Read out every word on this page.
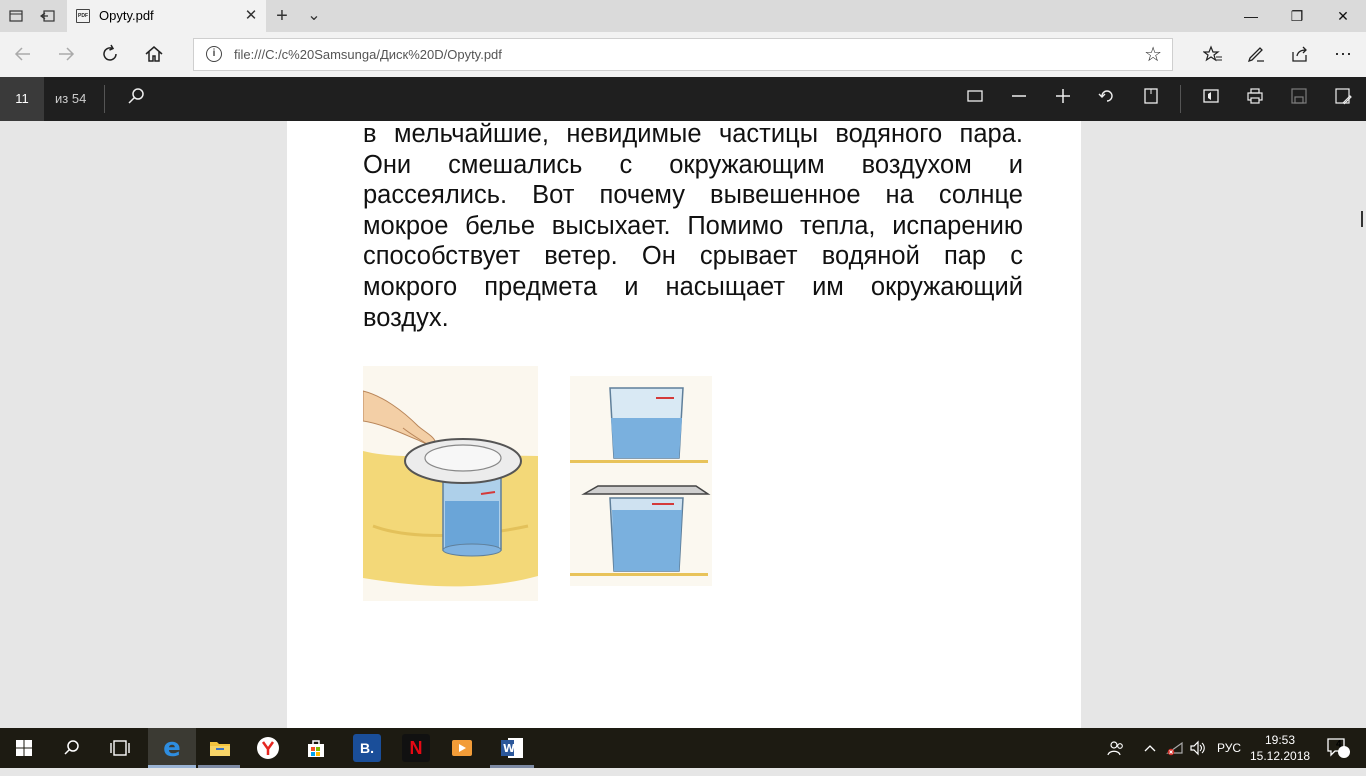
PDF Opyty.pdf	✕ + ⌄	—	❐	✕
i	file:///C:/c%20Samsunga/Диск%20D/Opyty.pdf	☆	⋯
11	из 54
в мельчайшие, невидимые частицы водяного пара.
Они смешались с окружающим воздухом и
рассеялись. Вот почему вывешенное на солнце
мокрое белье высыхает. Помимо тепла, испарению
способствует ветер. Он срывает водяной пар с
мокрого предмета и насыщает им окружающий
воздух.
e	B.	N	W	РУС
19:53
15.12.2018
4
